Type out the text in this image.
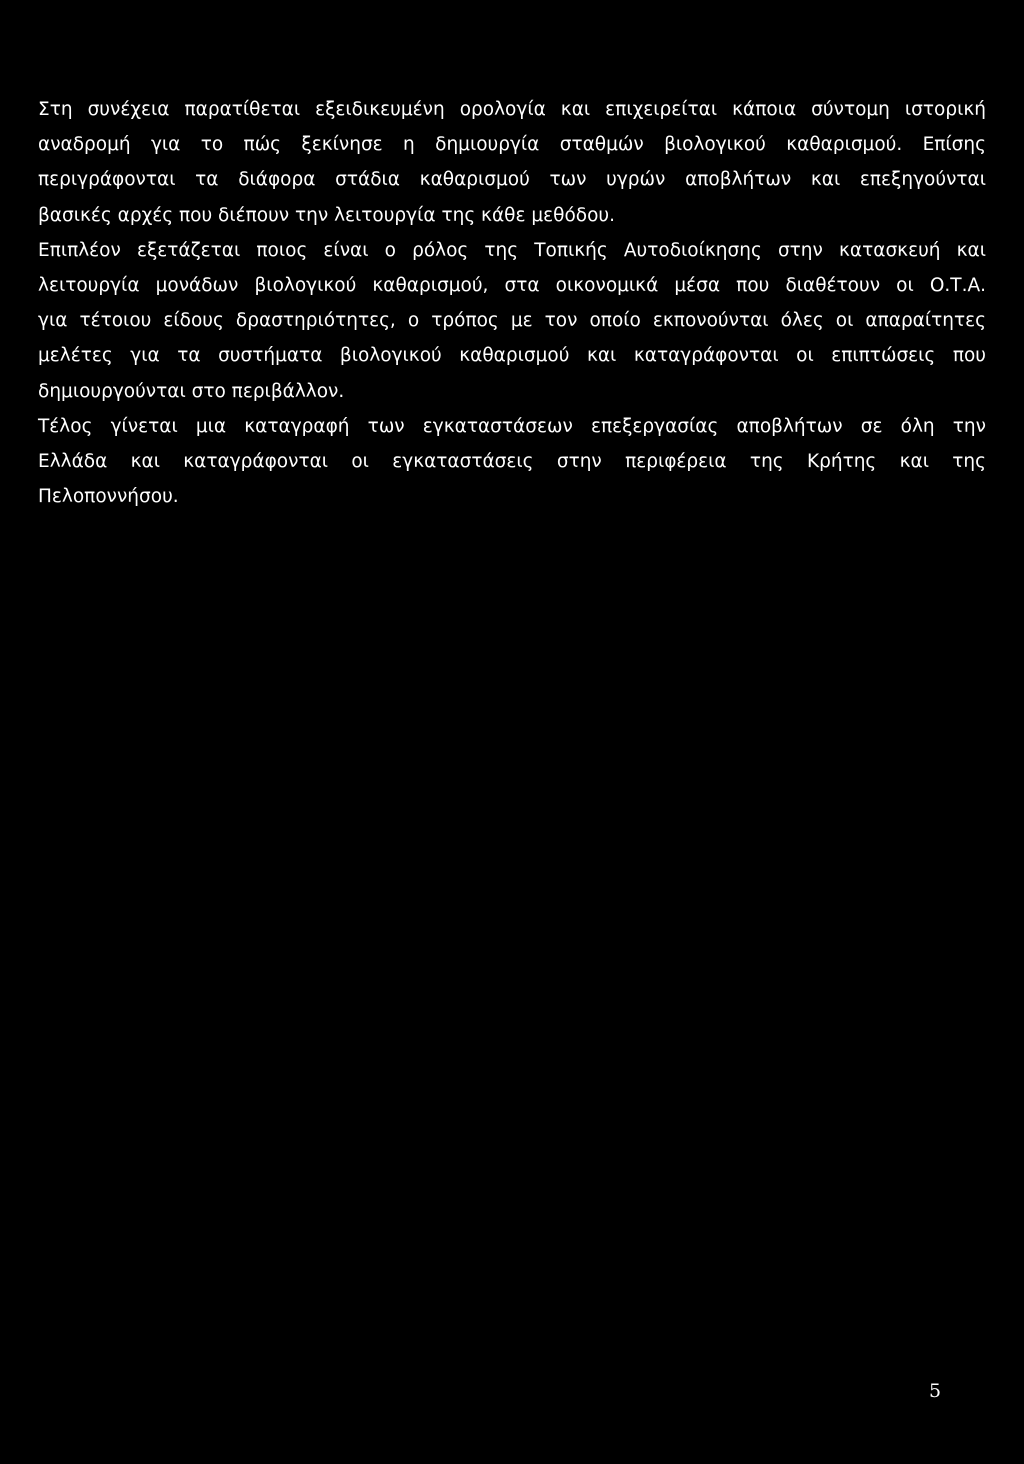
Στη συνέχεια παρατίθεται εξειδικευμένη ορολογία και επιχειρείται κάποια σύντομη ιστορική
αναδρομή για το πώς ξεκίνησε η δημιουργία σταθμών βιολογικού καθαρισμού. Επίσης
περιγράφονται τα διάφορα στάδια καθαρισμού των υγρών αποβλήτων και επεξηγούνται
βασικές αρχές που διέπουν την λειτουργία της κάθε μεθόδου.

Επιπλέον εξετάζεται ποιος είναι ο ρόλος της Τοπικής Αυτοδιοίκησης στην κατασκευή και
λειτουργία μονάδων βιολογικού καθαρισμού, στα οικονομικά μέσα που διαθέτουν οι Ο.Τ.Α.
για τέτοιου είδους δραστηριότητες, ο τρόπος με τον οποίο εκπονούνται όλες οι απαραίτητες
μελέτες για τα συστήματα βιολογικού καθαρισμού και καταγράφονται οι επιπτώσεις που
δημιουργούνται στο περιβάλλον.

Τέλος γίνεται μια καταγραφή των εγκαταστάσεων επεξεργασίας αποβλήτων σε όλη την
Ελλάδα και καταγράφονται οι εγκαταστάσεις στην περιφέρεια της Κρήτης και της
Πελοποννήσου.

5
